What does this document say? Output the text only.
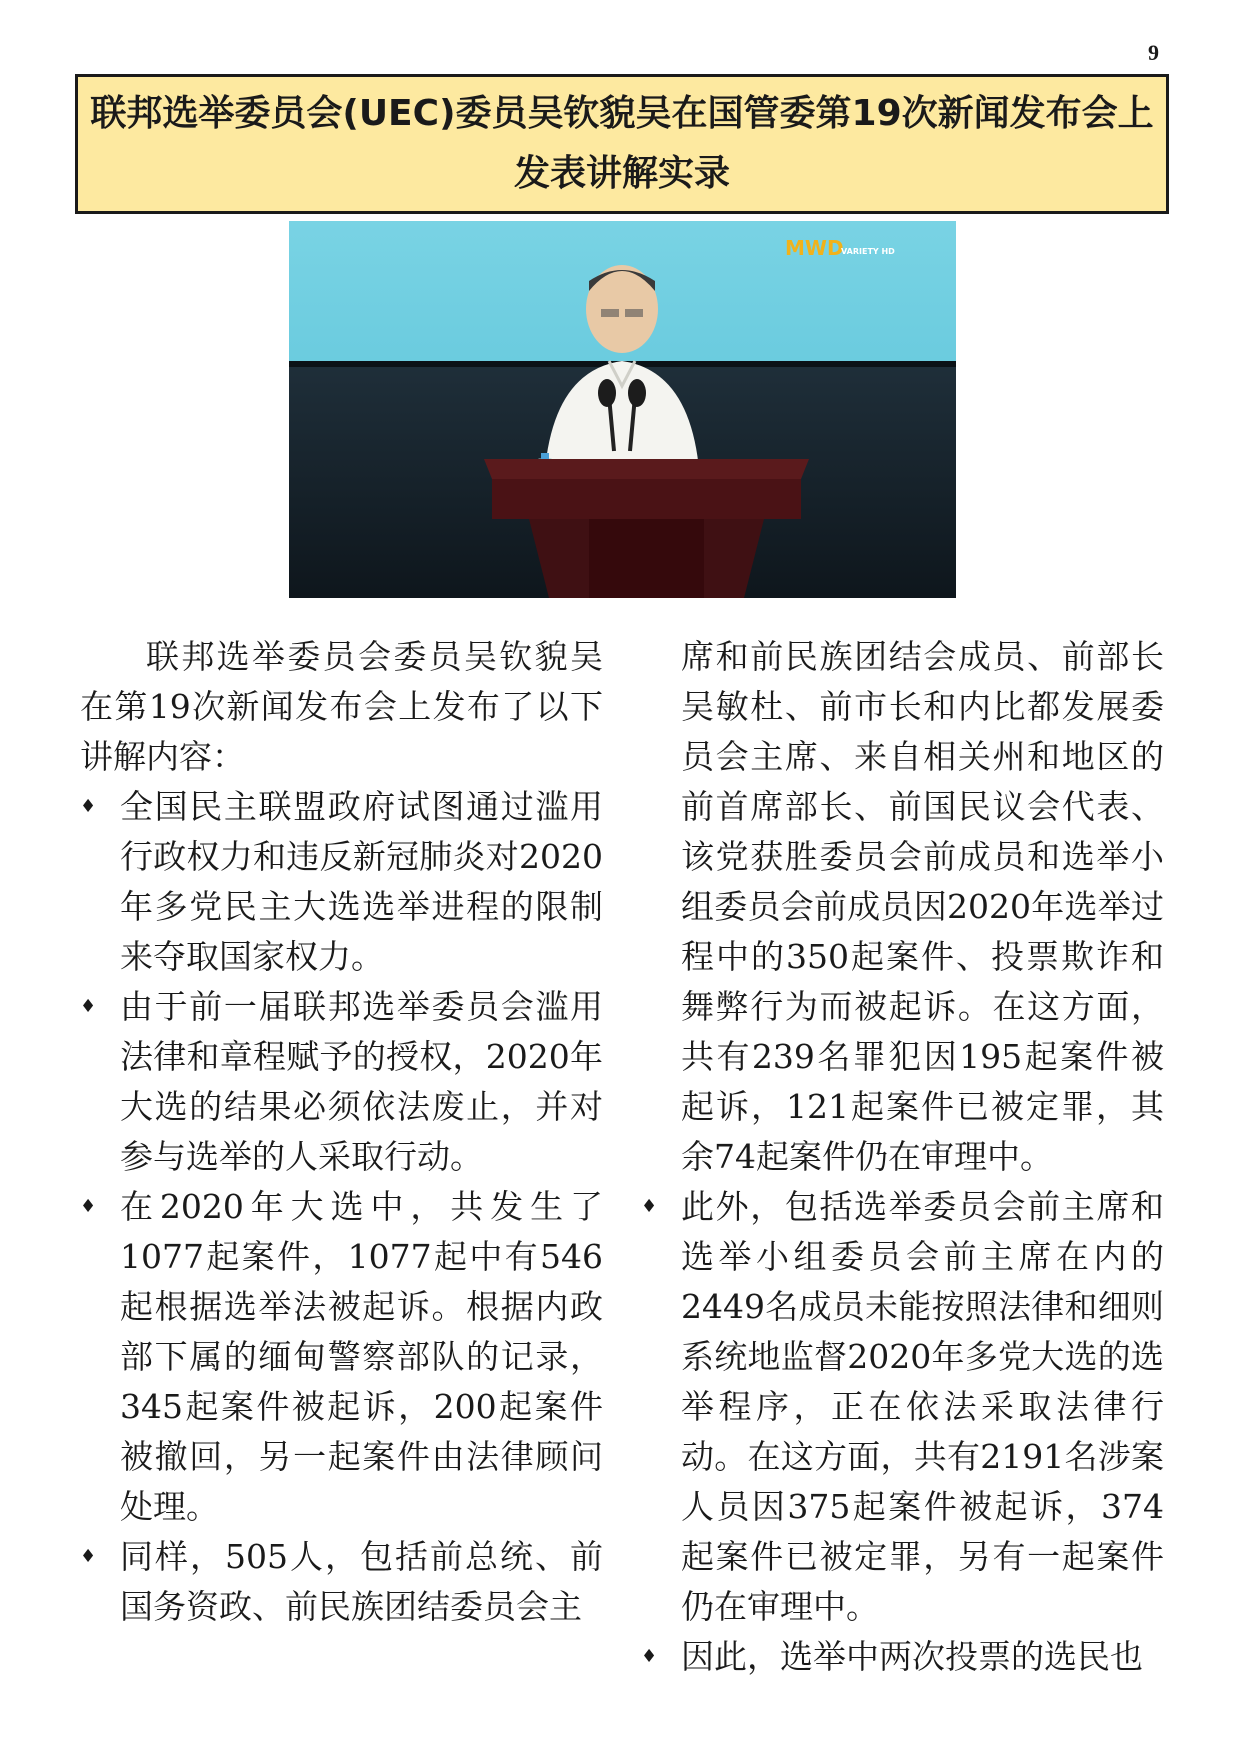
9
联邦选举委员会(UEC)委员吴钦貌吴在国管委第19次新闻发布会上发表讲解实录
MWD
VARIETY HD

联邦选举委员会委员吴钦貌吴在第19次新闻发布会上发布了以下讲解内容：

♦ 全国民主联盟政府试图通过滥用行政权力和违反新冠肺炎对2020年多党民主大选选举进程的限制来夺取国家权力。
♦ 由于前一届联邦选举委员会滥用法律和章程赋予的授权，2020年大选的结果必须依法废止，并对参与选举的人采取行动。
♦ 在2020年大选中，共发生了1077起案件，1077起中有546起根据选举法被起诉。根据内政部下属的缅甸警察部队的记录，345起案件被起诉，200起案件被撤回，另一起案件由法律顾问处理。
♦ 同样，505人，包括前总统、前国务资政、前民族团结委员会主

席和前民族团结会成员、前部长吴敏杜、前市长和内比都发展委员会主席、来自相关州和地区的前首席部长、前国民议会代表、该党获胜委员会前成员和选举小组委员会前成员因2020年选举过程中的350起案件、投票欺诈和舞弊行为而被起诉。在这方面，共有239名罪犯因195起案件被起诉，121起案件已被定罪，其余74起案件仍在审理中。

♦ 此外，包括选举委员会前主席和选举小组委员会前主席在内的2449名成员未能按照法律和细则系统地监督2020年多党大选的选举程序，正在依法采取法律行动。在这方面，共有2191名涉案人员因375起案件被起诉，374起案件已被定罪，另有一起案件仍在审理中。
♦ 因此，选举中两次投票的选民也
